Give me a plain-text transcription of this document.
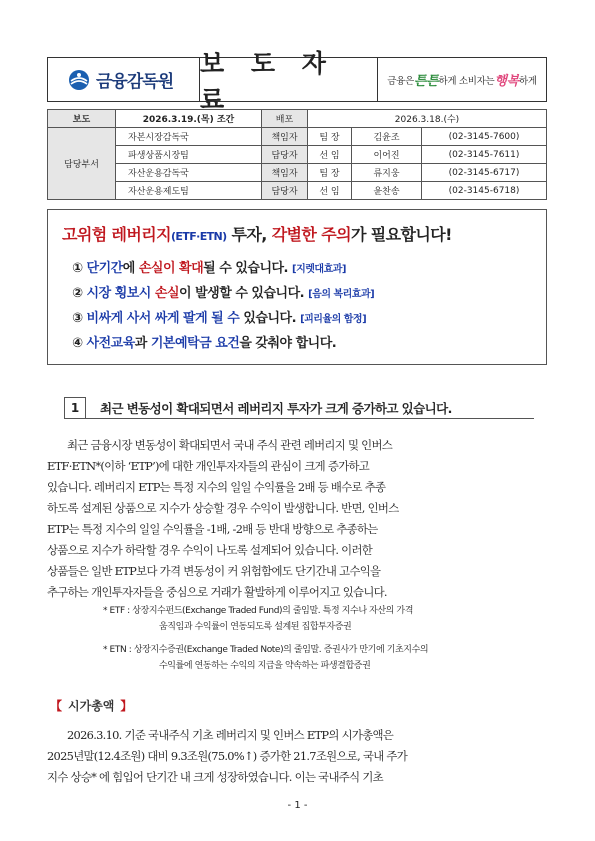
금융감독원
보 도 자 료
금융은 튼튼 하게 소비자는 행복 하게
보도	2026.3.19.(목) 조간	배포	2026.3.18.(수)		
담당부서	자본시장감독국	책임자	팀 장	김윤조	(02-3145-7600)
	파생상품시장팀	담당자	선 임	이어진	(02-3145-7611)
	자산운용감독국	책임자	팀 장	류지웅	(02-3145-6717)
	자산운용제도팀	담당자	선 임	윤찬송	(02-3145-6718)
고위험 레버리지(ETF·ETN) 투자, 각별한 주의가 필요합니다!
① 단기간에 손실이 확대될 수 있습니다. [지렛대효과]
② 시장 횡보시 손실이 발생할 수 있습니다. [음의 복리효과]
③ 비싸게 사서 싸게 팔게 될 수 있습니다. [괴리율의 함정]
④ 사전교육과 기본예탁금 요건을 갖춰야 합니다.
1	최근 변동성이 확대되면서 레버리지 투자가 크게 증가하고 있습니다.
최근 금융시장 변동성이 확대되면서 국내 주식 관련 레버리지 및 인버스
ETF·ETN*(이하 ‘ETP’)에 대한 개인투자자들의 관심이 크게 증가하고
있습니다. 레버리지 ETP는 특정 지수의 일일 수익률을 2배 등 배수로 추종
하도록 설계된 상품으로 지수가 상승할 경우 수익이 발생합니다. 반면, 인버스
ETP는 특정 지수의 일일 수익률을 -1배, -2배 등 반대 방향으로 추종하는
상품으로 지수가 하락할 경우 수익이 나도록 설계되어 있습니다. 이러한
상품들은 일반 ETP보다 가격 변동성이 커 위험함에도 단기간내 고수익을
추구하는 개인투자자들을 중심으로 거래가 활발하게 이루어지고 있습니다.
* ETF : 상장지수펀드(Exchange Traded Fund)의 줄임말. 특정 지수나 자산의 가격
움직임과 수익률이 연동되도록 설계된 집합투자증권
* ETN : 상장지수증권(Exchange Traded Note)의 줄임말. 증권사가 만기에 기초지수의
수익률에 연동하는 수익의 지급을 약속하는 파생결합증권
【 시가총액 】
2026.3.10. 기준 국내주식 기초 레버리지 및 인버스 ETP의 시가총액은
2025년말(12.4조원) 대비 9.3조원(75.0%↑) 증가한 21.7조원으로, 국내 주가
지수 상승* 에 힘입어 단기간 내 크게 성장하였습니다. 이는 국내주식 기초
- 1 -
